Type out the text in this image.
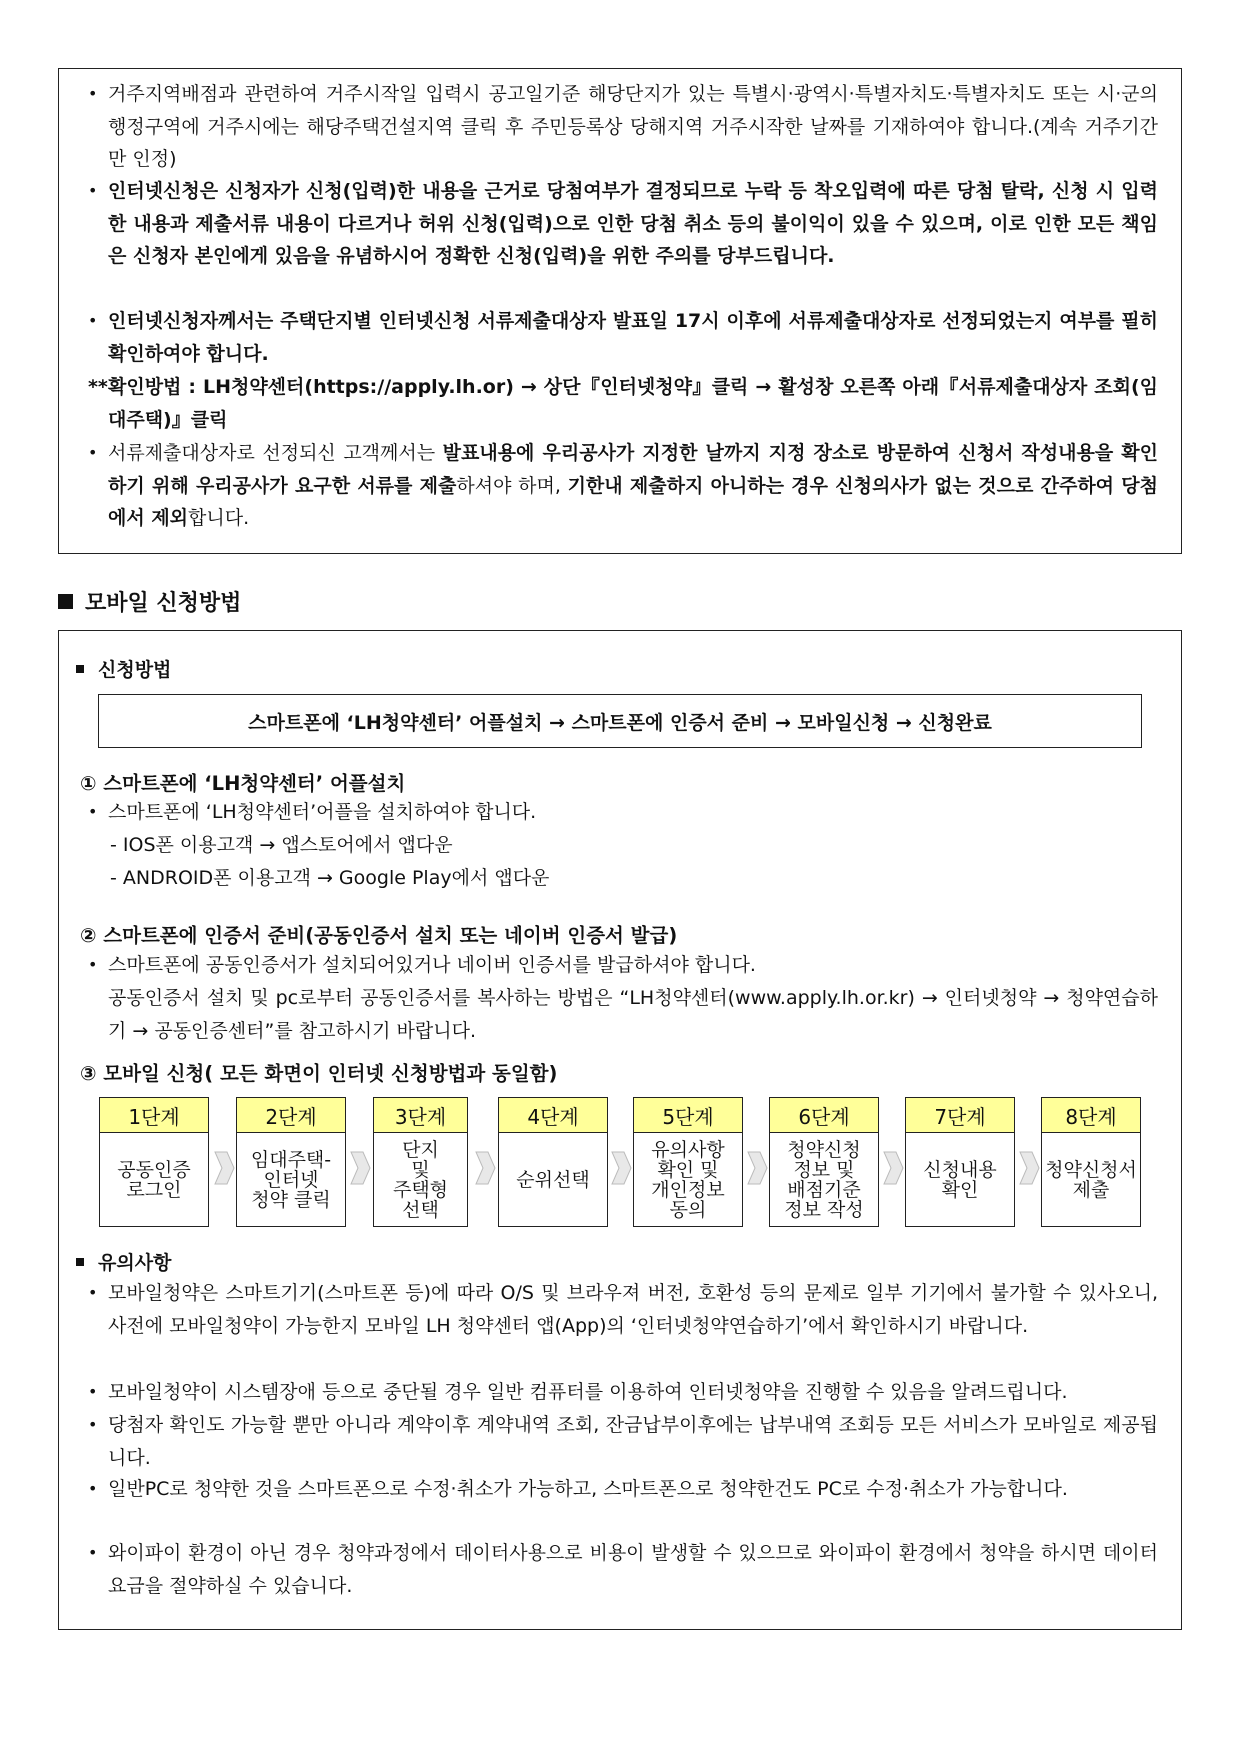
• 거주지역배점과 관련하여 거주시작일 입력시 공고일기준 해당단지가 있는 특별시·광역시·특별자치도·특별자치도 또는 시·군의 행정구역에 거주시에는 해당주택건설지역 클릭 후 주민등록상 당해지역 거주시작한 날짜를 기재하여야 합니다.(계속 거주기간만 인정)
• 인터넷신청은 신청자가 신청(입력)한 내용을 근거로 당첨여부가 결정되므로 누락 등 착오입력에 따른 당첨 탈락, 신청 시 입력한 내용과 제출서류 내용이 다르거나 허위 신청(입력)으로 인한 당첨 취소 등의 불이익이 있을 수 있으며, 이로 인한 모든 책임은 신청자 본인에게 있음을 유념하시어 정확한 신청(입력)을 위한 주의를 당부드립니다.
• 인터넷신청자께서는 주택단지별 인터넷신청 서류제출대상자 발표일 17시 이후에 서류제출대상자로 선정되었는지 여부를 필히 확인하여야 합니다.
** 확인방법 : LH청약센터(https://apply.lh.or) → 상단『인터넷청약』클릭 → 활성창 오른쪽 아래『서류제출대상자 조회(임대주택)』클릭
• 서류제출대상자로 선정되신 고객께서는 발표내용에 우리공사가 지정한 날까지 지정 장소로 방문하여 신청서 작성내용을 확인하기 위해 우리공사가 요구한 서류를 제출하셔야 하며, 기한내 제출하지 아니하는 경우 신청의사가 없는 것으로 간주하여 당첨에서 제외합니다.
모바일 신청방법
신청방법
스마트폰에 ‘LH청약센터’ 어플설치 → 스마트폰에 인증서 준비 → 모바일신청 → 신청완료
① 스마트폰에 ‘LH청약센터’ 어플설치
• 스마트폰에 ‘LH청약센터’어플을 설치하여야 합니다.
- IOS폰 이용고객 → 앱스토어에서 앱다운
- ANDROID폰 이용고객 → Google Play에서 앱다운
② 스마트폰에 인증서 준비(공동인증서 설치 또는 네이버 인증서 발급)
• 스마트폰에 공동인증서가 설치되어있거나 네이버 인증서를 발급하셔야 합니다.
공동인증서 설치 및 pc로부터 공동인증서를 복사하는 방법은 “LH청약센터(www.apply.lh.or.kr) → 인터넷청약 → 청약연습하기 → 공동인증센터”를 참고하시기 바랍니다.
③ 모바일 신청( 모든 화면이 인터넷 신청방법과 동일함)
1단계
공동인증
로그인
2단계
임대주택-
인터넷
청약 클릭
3단계
단지
및
주택형
선택
4단계
순위선택
5단계
유의사항
확인 및
개인정보
동의
6단계
청약신청
정보 및
배점기준
정보 작성
7단계
신청내용
확인
8단계
청약신청서
제출
유의사항
• 모바일청약은 스마트기기(스마트폰 등)에 따라 O/S 및 브라우져 버전, 호환성 등의 문제로 일부 기기에서 불가할 수 있사오니, 사전에 모바일청약이 가능한지 모바일 LH 청약센터 앱(App)의 ‘인터넷청약연습하기’에서 확인하시기 바랍니다.
• 모바일청약이 시스템장애 등으로 중단될 경우 일반 컴퓨터를 이용하여 인터넷청약을 진행할 수 있음을 알려드립니다.
• 당첨자 확인도 가능할 뿐만 아니라 계약이후 계약내역 조회, 잔금납부이후에는 납부내역 조회등 모든 서비스가 모바일로 제공됩니다.
• 일반PC로 청약한 것을 스마트폰으로 수정·취소가 가능하고, 스마트폰으로 청약한건도 PC로 수정·취소가 가능합니다.
• 와이파이 환경이 아닌 경우 청약과정에서 데이터사용으로 비용이 발생할 수 있으므로 와이파이 환경에서 청약을 하시면 데이터 요금을 절약하실 수 있습니다.
